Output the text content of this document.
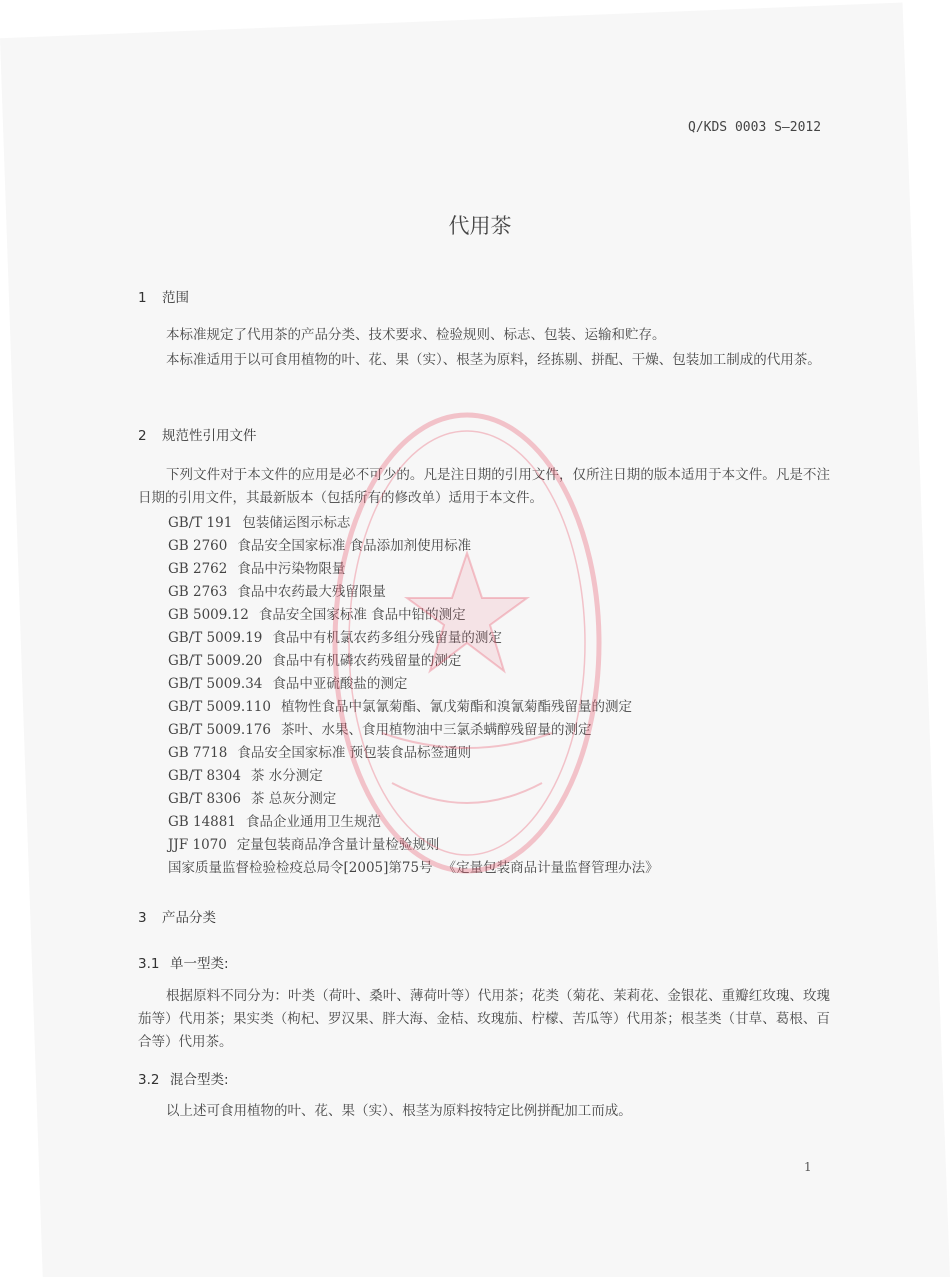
Q/KDS 0003 S—2012
代用茶
1 范围
本标准规定了代用茶的产品分类、技术要求、检验规则、标志、包装、运输和贮存。
本标准适用于以可食用植物的叶、花、果（实）、根茎为原料，经拣剔、拼配、干燥、包装加工制成的代用茶。
2 规范性引用文件
下列文件对于本文件的应用是必不可少的。凡是注日期的引用文件，仅所注日期的版本适用于本文件。凡是不注日期的引用文件，其最新版本（包括所有的修改单）适用于本文件。
GB/T 191 包装储运图示标志
GB 2760 食品安全国家标准 食品添加剂使用标准
GB 2762 食品中污染物限量
GB 2763 食品中农药最大残留限量
GB 5009.12 食品安全国家标准 食品中铅的测定
GB/T 5009.19 食品中有机氯农药多组分残留量的测定
GB/T 5009.20 食品中有机磷农药残留量的测定
GB/T 5009.34 食品中亚硫酸盐的测定
GB/T 5009.110 植物性食品中氯氰菊酯、氰戊菊酯和溴氰菊酯残留量的测定
GB/T 5009.176 茶叶、水果、食用植物油中三氯杀螨醇残留量的测定
GB 7718 食品安全国家标准 预包装食品标签通则
GB/T 8304 茶 水分测定
GB/T 8306 茶 总灰分测定
GB 14881 食品企业通用卫生规范
JJF 1070 定量包装商品净含量计量检验规则
国家质量监督检验检疫总局令[2005]第75号 《定量包装商品计量监督管理办法》
3 产品分类
3.1 单一型类:
根据原料不同分为：叶类（荷叶、桑叶、薄荷叶等）代用茶；花类（菊花、茉莉花、金银花、重瓣红玫瑰、玫瑰茄等）代用茶；果实类（枸杞、罗汉果、胖大海、金桔、玫瑰茄、柠檬、苦瓜等）代用茶；根茎类（甘草、葛根、百合等）代用茶。
3.2 混合型类:
以上述可食用植物的叶、花、果（实）、根茎为原料按特定比例拼配加工而成。
1
